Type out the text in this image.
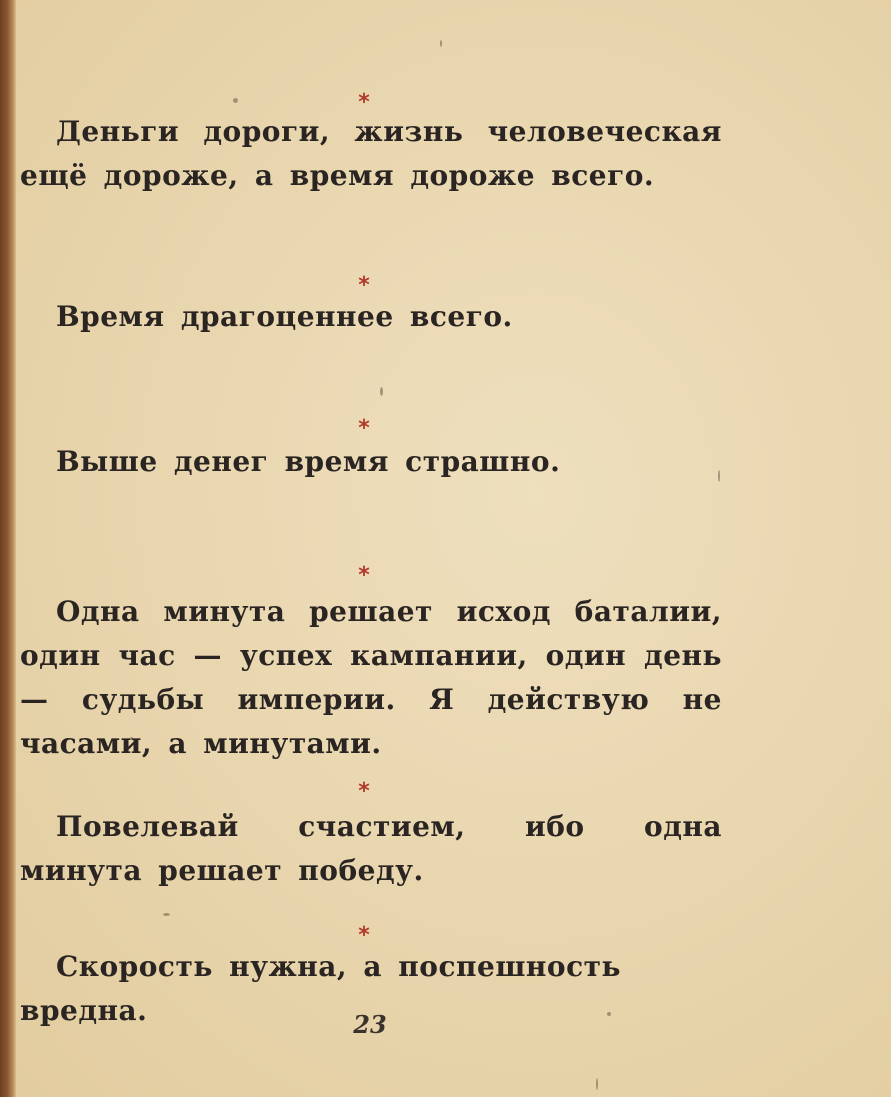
*
*
*
*
*
*

Деньги дороги, жизнь человеческая ещё дороже, а время дороже всего.

Время драгоценнее всего.

Выше денег время страшно.

Одна минута решает исход баталии, один час — успех кампании, один день — судьбы империи. Я действую не часами, а минутами.

Повелевай счастием, ибо одна минута решает победу.

Скорость нужна, а поспешность вредна.	23
